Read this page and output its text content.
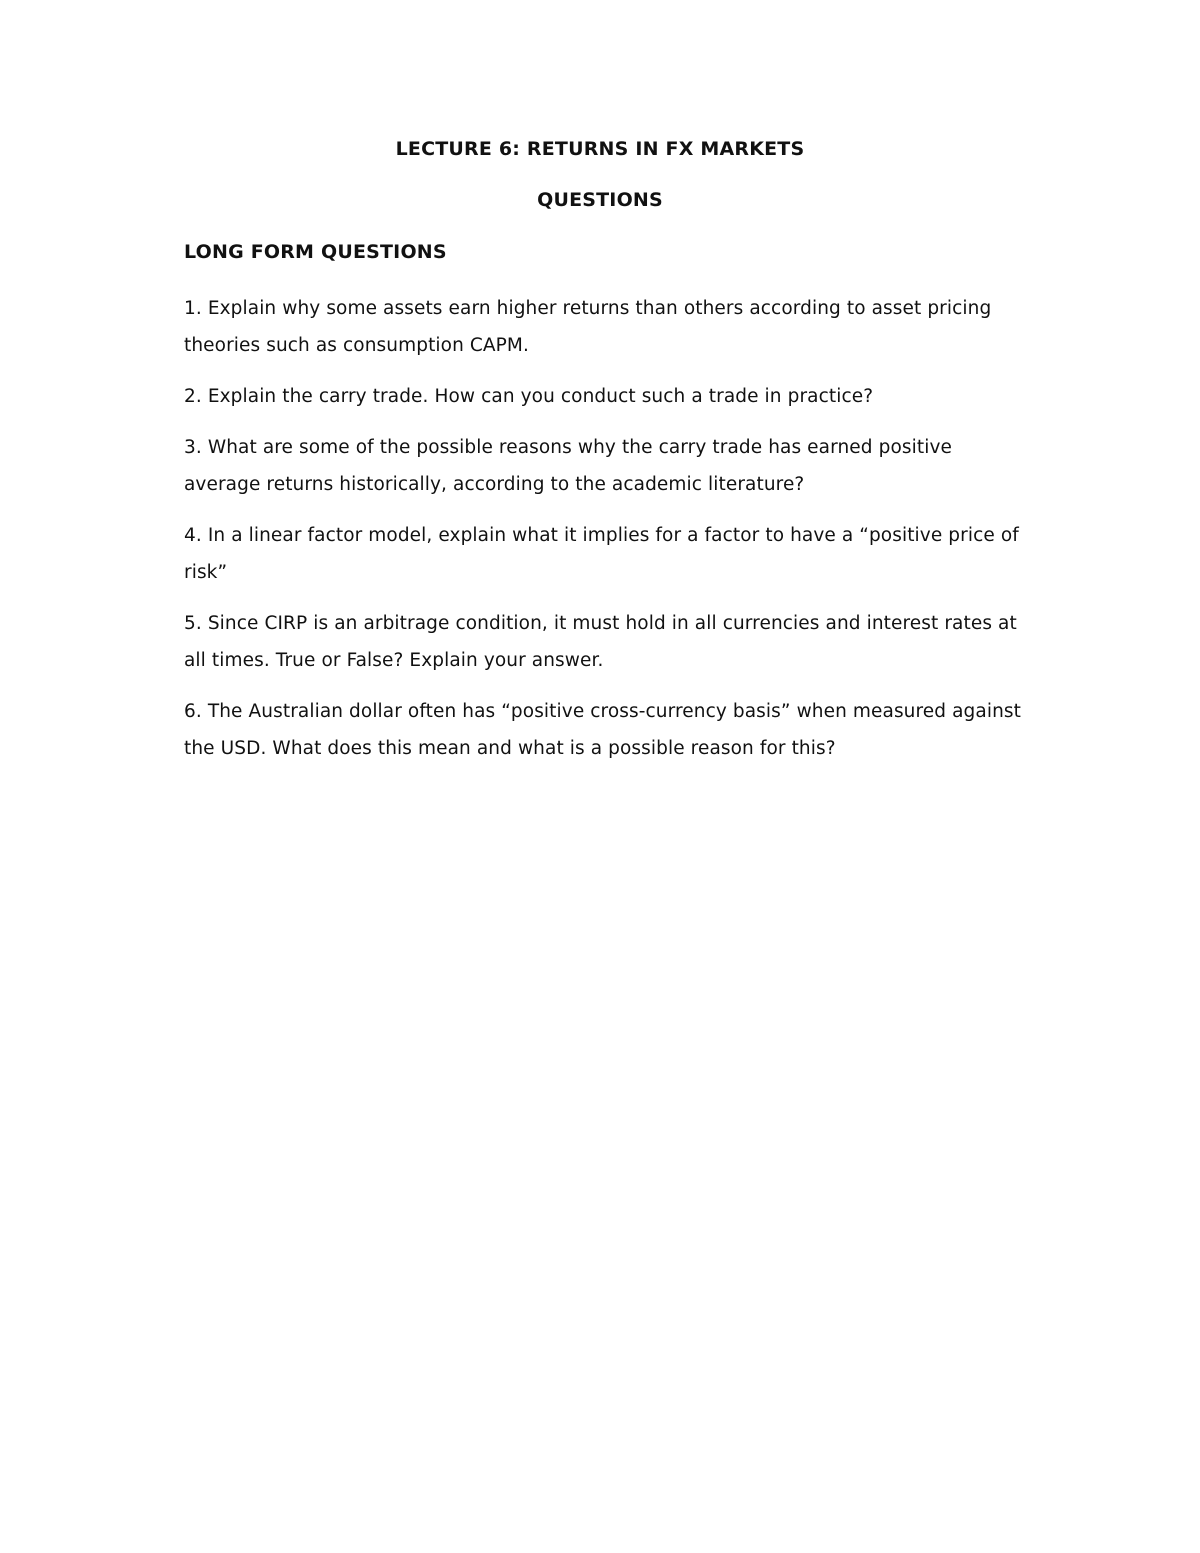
LECTURE 6: RETURNS IN FX MARKETS
QUESTIONS
LONG FORM QUESTIONS
1. Explain why some assets earn higher returns than others according to asset pricing theories such as consumption CAPM.
2. Explain the carry trade. How can you conduct such a trade in practice?
3. What are some of the possible reasons why the carry trade has earned positive average returns historically, according to the academic literature?
4. In a linear factor model, explain what it implies for a factor to have a “positive price of risk”
5. Since CIRP is an arbitrage condition, it must hold in all currencies and interest rates at all times. True or False? Explain your answer.
6. The Australian dollar often has “positive cross-currency basis” when measured against the USD. What does this mean and what is a possible reason for this?
